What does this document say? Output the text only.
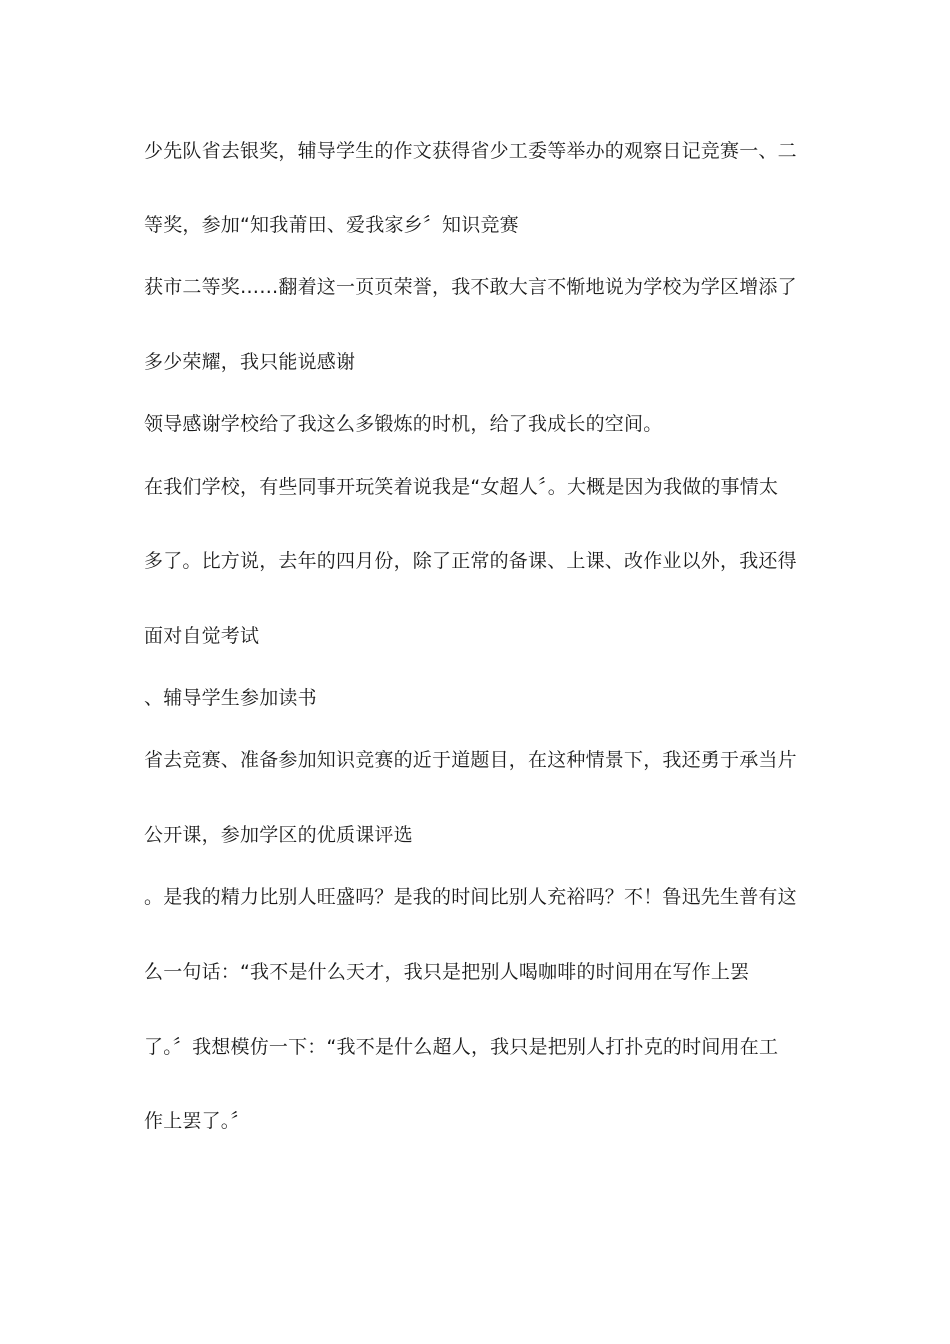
少先队省去银奖，辅导学生的作文获得省少工委等举办的观察日记竞赛一、二
等奖，参加“知我莆田、爱我家乡〞知识竞赛
获市二等奖……翻着这一页页荣誉，我不敢大言不惭地说为学校为学区增添了
多少荣耀，我只能说感谢
领导感谢学校给了我这么多锻炼的时机，给了我成长的空间。
在我们学校，有些同事开玩笑着说我是“女超人〞。大概是因为我做的事情太
多了。比方说，去年的四月份，除了正常的备课、上课、改作业以外，我还得
面对自觉考试
、辅导学生参加读书
省去竞赛、准备参加知识竞赛的近于道题目，在这种情景下，我还勇于承当片
公开课，参加学区的优质课评选
。是我的精力比别人旺盛吗？是我的时间比别人充裕吗？不！鲁迅先生普有这
么一句话：“我不是什么天才，我只是把别人喝咖啡的时间用在写作上罢
了。〞我想模仿一下：“我不是什么超人，我只是把别人打扑克的时间用在工
作上罢了。〞
